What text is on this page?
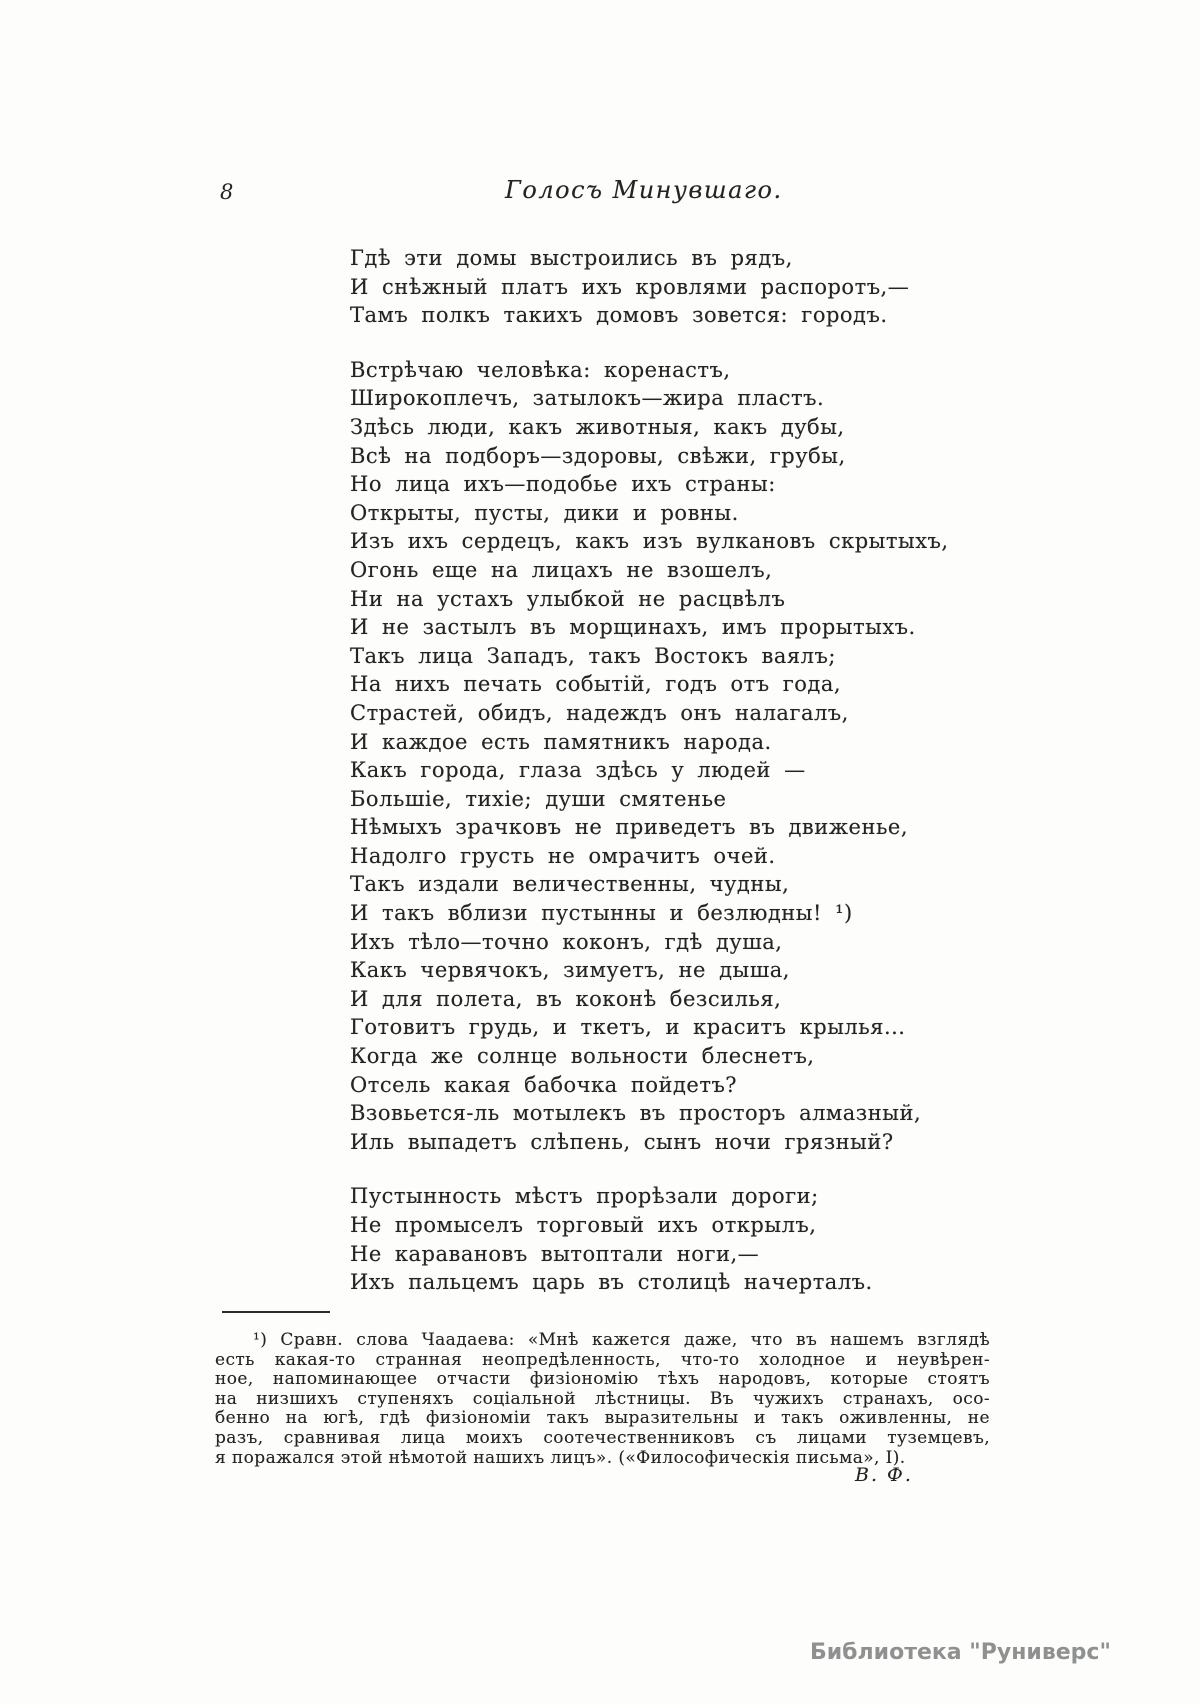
8	Голосъ Минувшаго.
Гдѣ эти домы выстроились въ рядъ,
И снѣжный платъ ихъ кровлями распоротъ,—
Тамъ полкъ такихъ домовъ зовется: городъ.
Встрѣчаю человѣка: коренастъ,
Широкоплечъ, затылокъ—жира пластъ.
Здѣсь люди, какъ животныя, какъ дубы,
Всѣ на подборъ—здоровы, свѣжи, грубы,
Но лица ихъ—подобье ихъ страны:
Открыты, пусты, дики и ровны.
Изъ ихъ сердецъ, какъ изъ вулкановъ скрытыхъ,
Огонь еще на лицахъ не взошелъ,
Ни на устахъ улыбкой не расцвѣлъ
И не застылъ въ морщинахъ, имъ прорытыхъ.
Такъ лица Западъ, такъ Востокъ ваялъ;
На нихъ печать событій, годъ отъ года,
Страстей, обидъ, надеждъ онъ налагалъ,
И каждое есть памятникъ народа.
Какъ города, глаза здѣсь у людей —
Большіе, тихіе; души смятенье
Нѣмыхъ зрачковъ не приведетъ въ движенье,
Надолго грусть не омрачитъ очей.
Такъ издали величественны, чудны,
И такъ вблизи пустынны и безлюдны! ¹)
Ихъ тѣло—точно коконъ, гдѣ душа,
Какъ червячокъ, зимуетъ, не дыша,
И для полета, въ коконѣ безсилья,
Готовитъ грудь, и ткетъ, и краситъ крылья...
Когда же солнце вольности блеснетъ,
Отсель какая бабочка пойдетъ?
Взовьется-ль мотылекъ въ просторъ алмазный,
Иль выпадетъ слѣпень, сынъ ночи грязный?
Пустынность мѣстъ прорѣзали дороги;
Не промыселъ торговый ихъ открылъ,
Не каравановъ вытоптали ноги,—
Ихъ пальцемъ царь въ столицѣ начерталъ.
¹) Сравн. слова Чаадаева: «Мнѣ кажется даже, что въ нашемъ взглядѣ
есть какая-то странная неопредѣленность, что-то холодное и неувѣрен-
ное, напоминающее отчасти физіономію тѣхъ народовъ, которые стоятъ
на низшихъ ступеняхъ соціальной лѣстницы. Въ чужихъ странахъ, осо-
бенно на югѣ, гдѣ физіономіи такъ выразительны и такъ оживленны, не
разъ, сравнивая лица моихъ соотечественниковъ съ лицами туземцевъ,
я поражался этой нѣмотой нашихъ лицъ». («Философическія письма», I).
В. Ф.
Библиотека "Руниверс"
